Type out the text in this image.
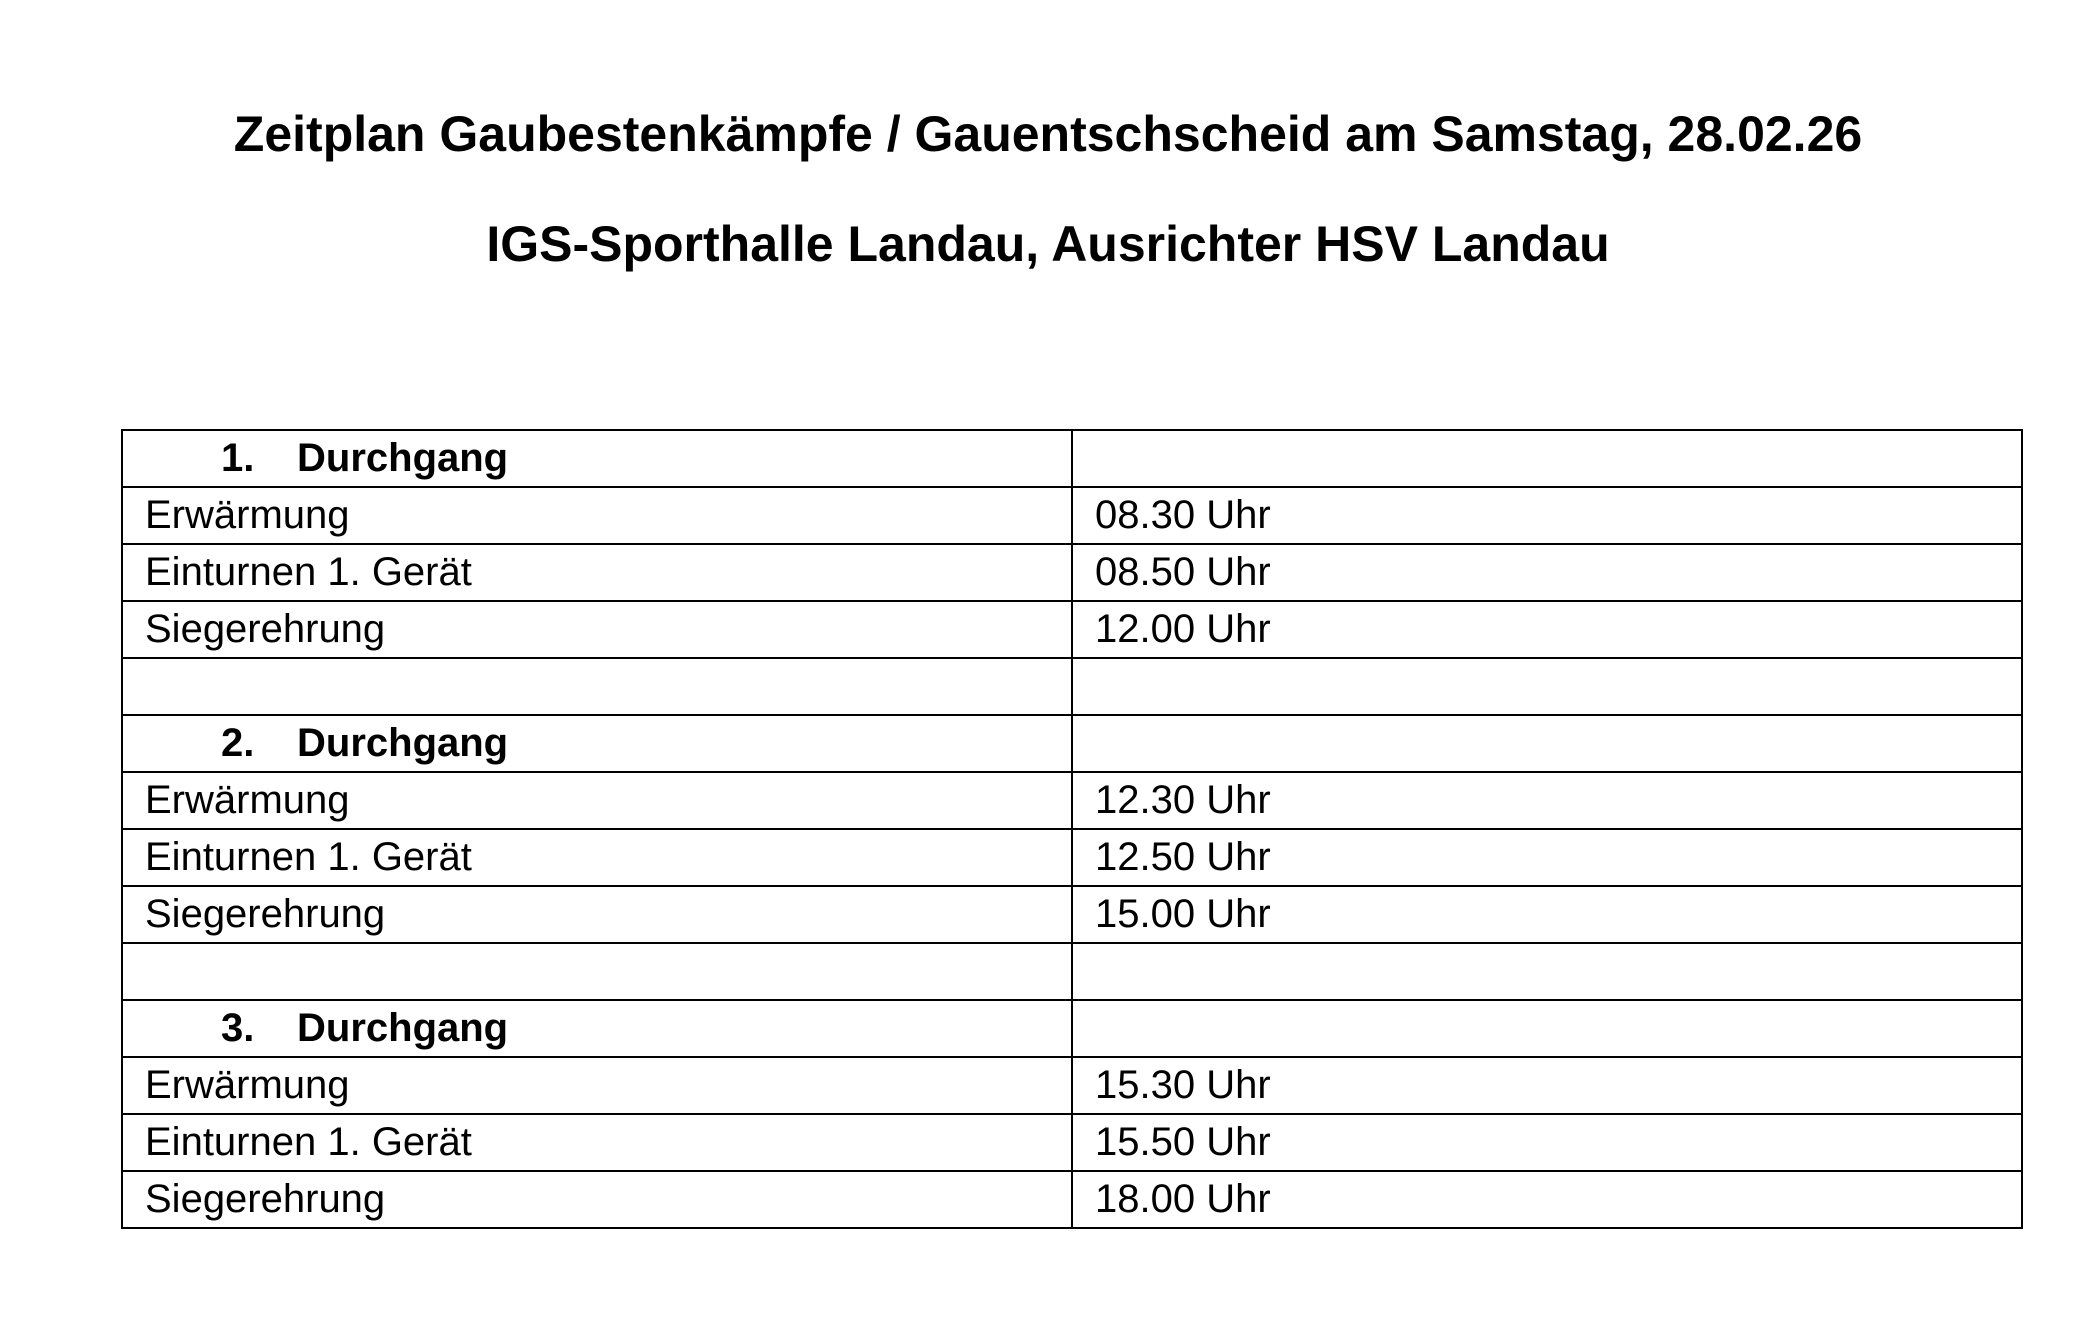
Zeitplan Gaubestenkämpfe / Gauentschscheid am Samstag, 28.02.26
IGS-Sporthalle Landau, Ausrichter HSV Landau
1. Durchgang	
Erwärmung	08.30 Uhr
Einturnen 1. Gerät	08.50 Uhr
Siegerehrung	12.00 Uhr

2. Durchgang	
Erwärmung	12.30 Uhr
Einturnen 1. Gerät	12.50 Uhr
Siegerehrung	15.00 Uhr

3. Durchgang	
Erwärmung	15.30 Uhr
Einturnen 1. Gerät	15.50 Uhr
Siegerehrung	18.00 Uhr
